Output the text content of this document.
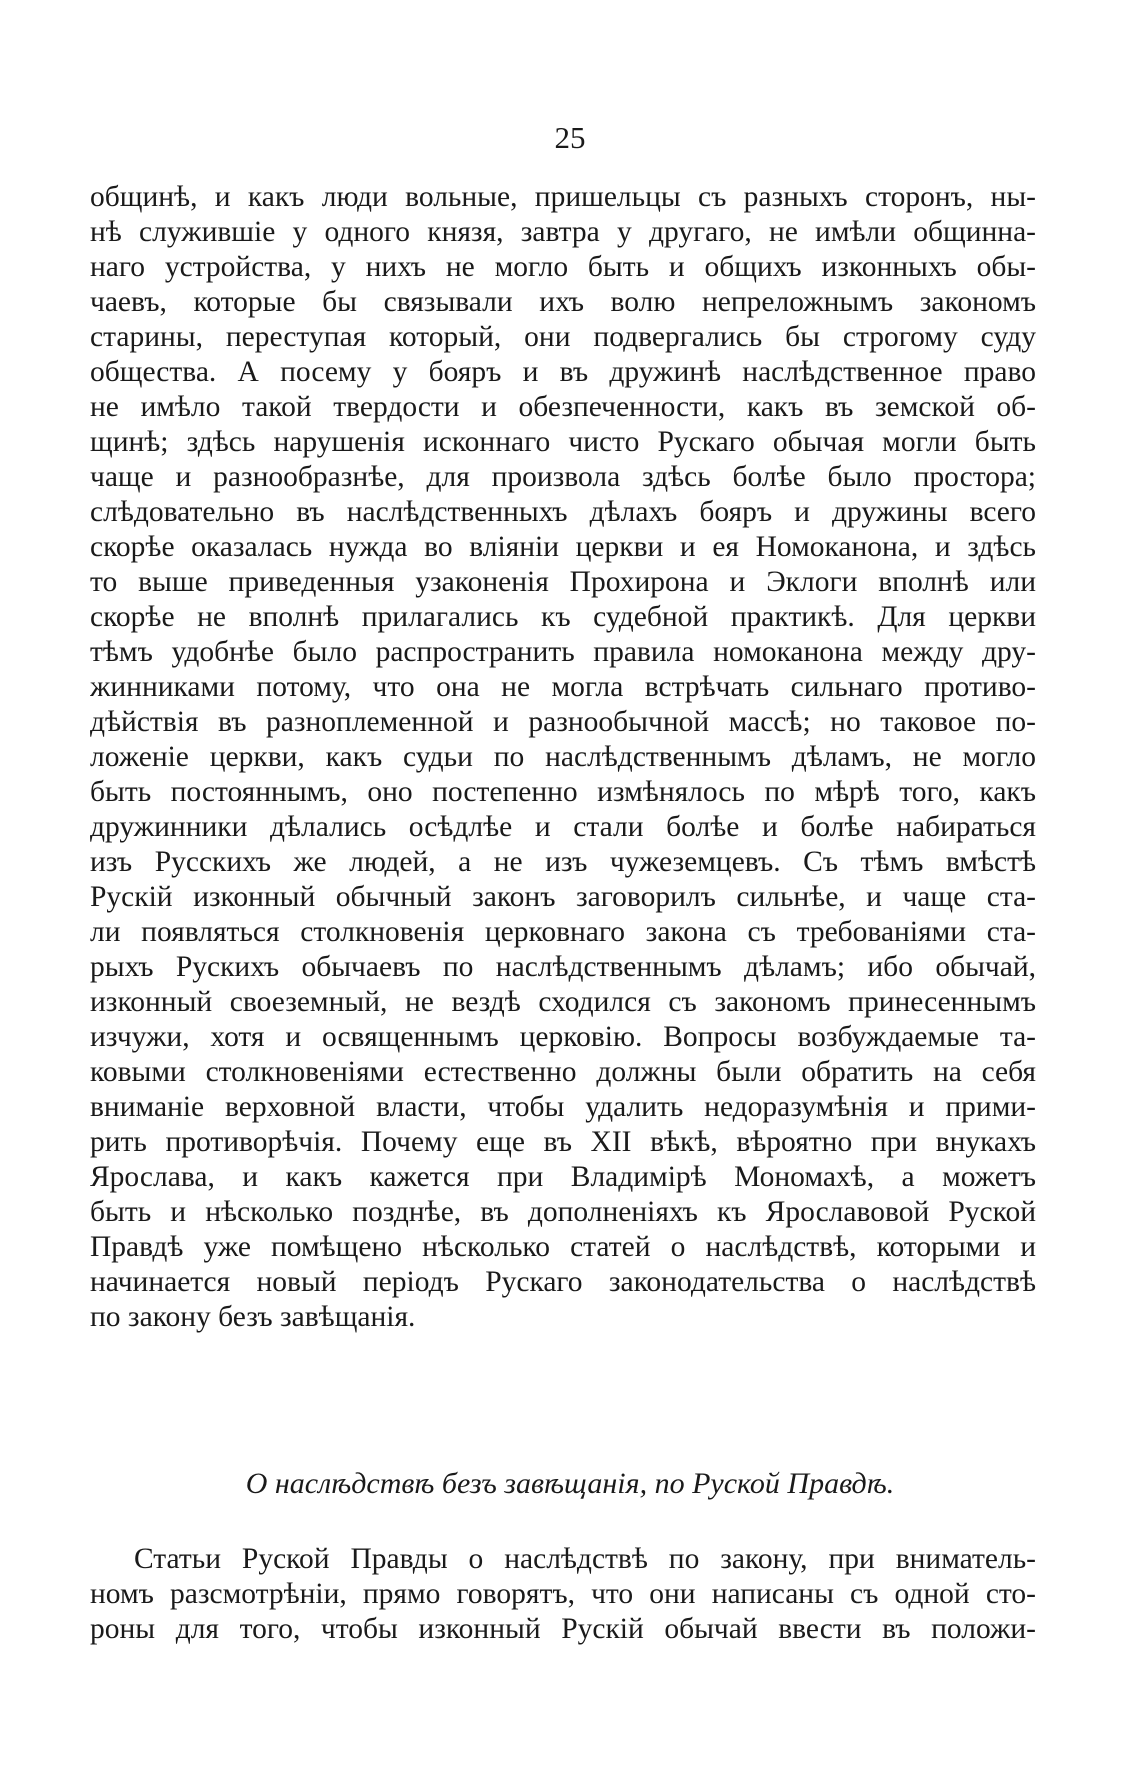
25
общинѣ, и какъ люди вольные, пришельцы съ разныхъ сторонъ, ны-
нѣ служившіе у одного князя, завтра у другаго, не имѣли общинна-
наго устройства, у нихъ не могло быть и общихъ изконныхъ обы-
чаевъ, которые бы связывали ихъ волю непреложнымъ закономъ
старины, переступая который, они подвергались бы строгому суду
общества. А посему у бояръ и въ дружинѣ наслѣдственное право
не имѣло такой твердости и обезпеченности, какъ въ земской об-
щинѣ; здѣсь нарушенія исконнаго чисто Рускаго обычая могли быть
чаще и разнообразнѣе, для произвола здѣсь болѣе было простора;
слѣдовательно въ наслѣдственныхъ дѣлахъ бояръ и дружины всего
скорѣе оказалась нужда во вліяніи церкви и ея Номоканона, и здѣсь
то выше приведенныя узаконенія Прохирона и Эклоги вполнѣ или
скорѣе не вполнѣ прилагались къ судебной практикѣ. Для церкви
тѣмъ удобнѣе было распространить правила номоканона между дру-
жинниками потому, что она не могла встрѣчать сильнаго противо-
дѣйствія въ разноплеменной и разнообычной массѣ; но таковое по-
ложеніе церкви, какъ судьи по наслѣдственнымъ дѣламъ, не могло
быть постояннымъ, оно постепенно измѣнялось по мѣрѣ того, какъ
дружинники дѣлались осѣдлѣе и стали болѣе и болѣе набираться
изъ Русскихъ же людей, а не изъ чужеземцевъ. Съ тѣмъ вмѣстѣ
Рускій изконный обычный законъ заговорилъ сильнѣе, и чаще ста-
ли появляться столкновенія церковнаго закона съ требованіями ста-
рыхъ Рускихъ обычаевъ по наслѣдственнымъ дѣламъ; ибо обычай,
изконный своеземный, не вездѣ сходился съ закономъ принесеннымъ
изчужи, хотя и освященнымъ церковію. Вопросы возбуждаемые та-
ковыми столкновеніями естественно должны были обратить на себя
вниманіе верховной власти, чтобы удалить недоразумѣнія и прими-
рить противорѣчія. Почему еще въ XII вѣкѣ, вѣроятно при внукахъ
Ярослава, и какъ кажется при Владимірѣ Мономахѣ, а можетъ
быть и нѣсколько позднѣе, въ дополненіяхъ къ Ярославовой Руской
Правдѣ уже помѣщено нѣсколько статей о наслѣдствѣ, которыми и
начинается новый періодъ Рускаго законодательства о наслѣдствѣ
по закону безъ завѣщанія.
О наслѣдствѣ безъ завѣщанія, по Руской Правдѣ.
Статьи Руской Правды о наслѣдствѣ по закону, при вниматель-
номъ разсмотрѣніи, прямо говорятъ, что они написаны съ одной сто-
роны для того, чтобы изконный Рускій обычай ввести въ положи-
